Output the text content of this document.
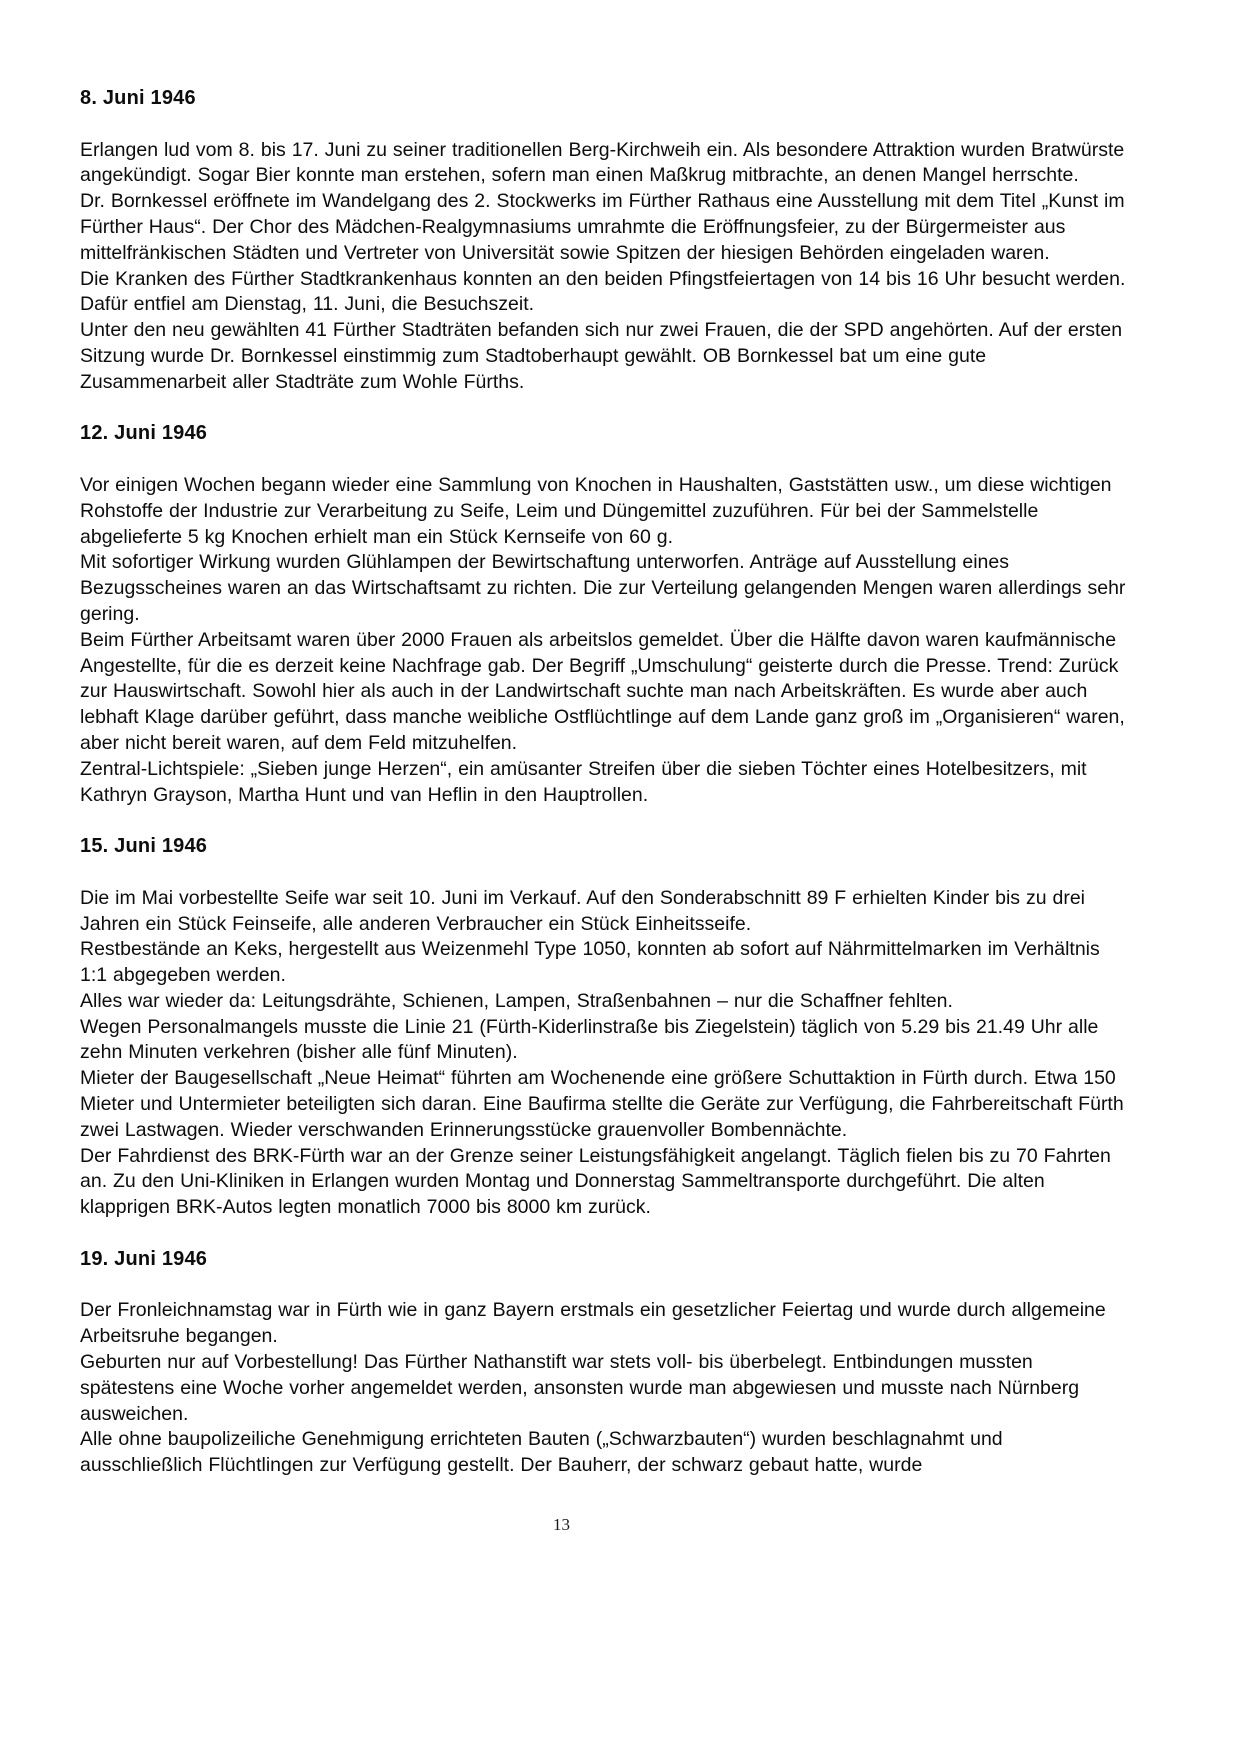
8. Juni 1946

Erlangen lud vom 8. bis 17. Juni zu seiner traditionellen Berg-Kirchweih ein. Als besondere Attraktion wurden Bratwürste angekündigt. Sogar Bier konnte man erstehen, sofern man einen Maßkrug mitbrachte, an denen Mangel herrschte.

Dr. Bornkessel eröffnete im Wandelgang des 2. Stockwerks im Fürther Rathaus eine Ausstellung mit dem Titel „Kunst im Fürther Haus“. Der Chor des Mädchen-Realgymnasiums umrahmte die Eröffnungsfeier, zu der Bürgermeister aus mittelfränkischen Städten und Vertreter von Universität sowie Spitzen der hiesigen Behörden eingeladen waren.

Die Kranken des Fürther Stadtkrankenhaus konnten an den beiden Pfingstfeiertagen von 14 bis 16 Uhr besucht werden. Dafür entfiel am Dienstag, 11. Juni, die Besuchszeit.

Unter den neu gewählten 41 Fürther Stadträten befanden sich nur zwei Frauen, die der SPD angehörten. Auf der ersten Sitzung wurde Dr. Bornkessel einstimmig zum Stadtoberhaupt gewählt. OB Bornkessel bat um eine gute Zusammenarbeit aller Stadträte zum Wohle Fürths.

12. Juni 1946

Vor einigen Wochen begann wieder eine Sammlung von Knochen in Haushalten, Gaststätten usw., um diese wichtigen Rohstoffe der Industrie zur Verarbeitung zu Seife, Leim und Düngemittel zuzuführen. Für bei der Sammelstelle abgelieferte 5 kg Knochen erhielt man ein Stück Kernseife von 60 g.

Mit sofortiger Wirkung wurden Glühlampen der Bewirtschaftung unterworfen. Anträge auf Ausstellung eines Bezugsscheines waren an das Wirtschaftsamt zu richten. Die zur Verteilung gelangenden Mengen waren allerdings sehr gering.

Beim Fürther Arbeitsamt waren über 2000 Frauen als arbeitslos gemeldet. Über die Hälfte davon waren kaufmännische Angestellte, für die es derzeit keine Nachfrage gab. Der Begriff „Umschulung“ geisterte durch die Presse. Trend: Zurück zur Hauswirtschaft. Sowohl hier als auch in der Landwirtschaft suchte man nach Arbeitskräften. Es wurde aber auch lebhaft Klage darüber geführt, dass manche weibliche Ostflüchtlinge auf dem Lande ganz groß im „Organisieren“ waren, aber nicht bereit waren, auf dem Feld mitzuhelfen.

Zentral-Lichtspiele: „Sieben junge Herzen“, ein amüsanter Streifen über die sieben Töchter eines Hotelbesitzers, mit Kathryn Grayson, Martha Hunt und van Heflin in den Hauptrollen.

15. Juni 1946

Die im Mai vorbestellte Seife war seit 10. Juni im Verkauf. Auf den Sonderabschnitt 89 F erhielten Kinder bis zu drei Jahren ein Stück Feinseife, alle anderen Verbraucher ein Stück Einheitsseife.

Restbestände an Keks, hergestellt aus Weizenmehl Type 1050, konnten ab sofort auf Nährmittelmarken im Verhältnis 1:1 abgegeben werden.

Alles war wieder da: Leitungsdrähte, Schienen, Lampen, Straßenbahnen – nur die Schaffner fehlten.

Wegen Personalmangels musste die Linie 21 (Fürth-Kiderlinstraße bis Ziegelstein) täglich von 5.29 bis 21.49 Uhr alle zehn Minuten verkehren (bisher alle fünf Minuten).

Mieter der Baugesellschaft „Neue Heimat“ führten am Wochenende eine größere Schuttaktion in Fürth durch. Etwa 150 Mieter und Untermieter beteiligten sich daran. Eine Baufirma stellte die Geräte zur Verfügung, die Fahrbereitschaft Fürth zwei Lastwagen. Wieder verschwanden Erinnerungsstücke grauenvoller Bombennächte.

Der Fahrdienst des BRK-Fürth war an der Grenze seiner Leistungsfähigkeit angelangt. Täglich fielen bis zu 70 Fahrten an. Zu den Uni-Kliniken in Erlangen wurden Montag und Donnerstag Sammeltransporte durchgeführt. Die alten klapprigen BRK-Autos legten monatlich 7000 bis 8000 km zurück.

19. Juni 1946

Der Fronleichnamstag war in Fürth wie in ganz Bayern erstmals ein gesetzlicher Feiertag und wurde durch allgemeine Arbeitsruhe begangen.

Geburten nur auf Vorbestellung! Das Fürther Nathanstift war stets voll- bis überbelegt. Entbindungen mussten spätestens eine Woche vorher angemeldet werden, ansonsten wurde man abgewiesen und musste nach Nürnberg ausweichen.

Alle ohne baupolizeiliche Genehmigung errichteten Bauten („Schwarzbauten“) wurden beschlagnahmt und ausschließlich Flüchtlingen zur Verfügung gestellt. Der Bauherr, der schwarz gebaut hatte, wurde

13
